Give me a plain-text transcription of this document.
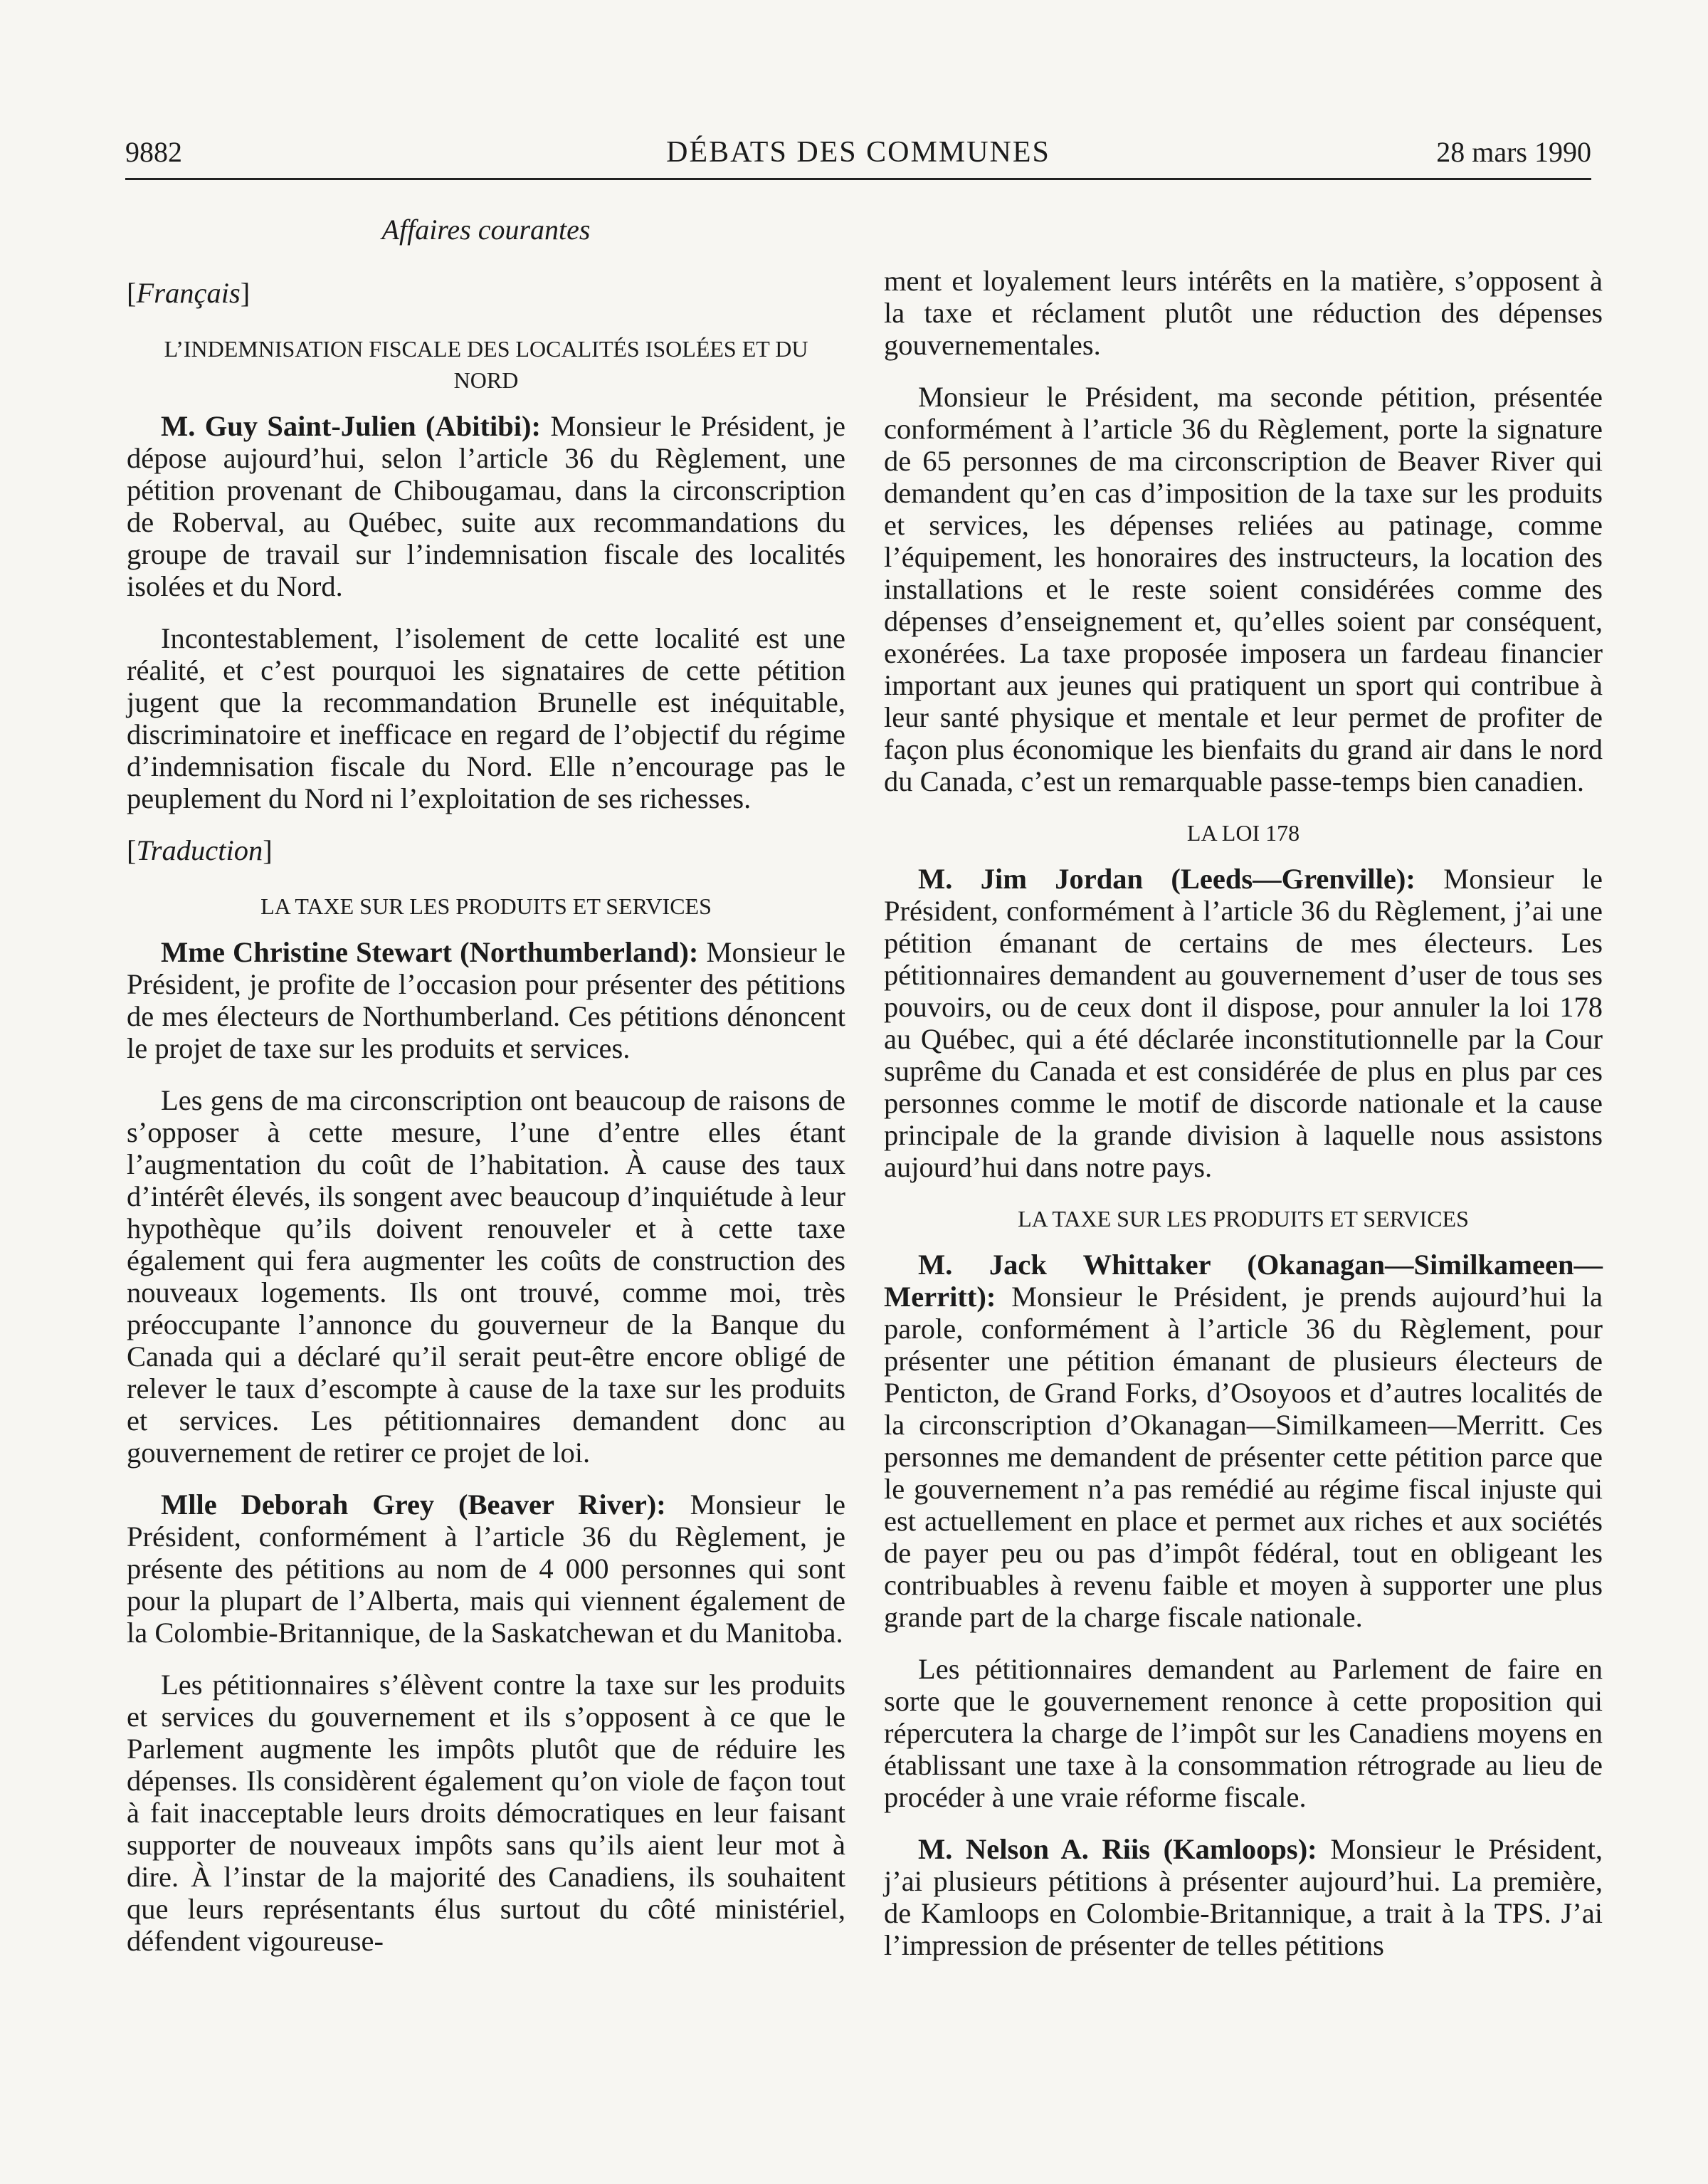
9882	DÉBATS DES COMMUNES	28 mars 1990
Affaires courantes
[Français]
L’INDEMNISATION FISCALE DES LOCALITÉS ISOLÉES ET DU NORD

M. Guy Saint-Julien (Abitibi): Monsieur le Président, je dépose aujourd’hui, selon l’article 36 du Règlement, une pétition provenant de Chibougamau, dans la circonscription de Roberval, au Québec, suite aux recommandations du groupe de travail sur l’indemnisation fiscale des localités isolées et du Nord.

Incontestablement, l’isolement de cette localité est une réalité, et c’est pourquoi les signataires de cette pétition jugent que la recommandation Brunelle est inéquitable, discriminatoire et inefficace en regard de l’objectif du régime d’indemnisation fiscale du Nord. Elle n’encourage pas le peuplement du Nord ni l’exploitation de ses richesses.

[Traduction]
LA TAXE SUR LES PRODUITS ET SERVICES

Mme Christine Stewart (Northumberland): Monsieur le Président, je profite de l’occasion pour présenter des pétitions de mes électeurs de Northumberland. Ces pétitions dénoncent le projet de taxe sur les produits et services.

Les gens de ma circonscription ont beaucoup de raisons de s’opposer à cette mesure, l’une d’entre elles étant l’augmentation du coût de l’habitation. À cause des taux d’intérêt élevés, ils songent avec beaucoup d’inquiétude à leur hypothèque qu’ils doivent renouveler et à cette taxe également qui fera augmenter les coûts de construction des nouveaux logements. Ils ont trouvé, comme moi, très préoccupante l’annonce du gouverneur de la Banque du Canada qui a déclaré qu’il serait peut-être encore obligé de relever le taux d’escompte à cause de la taxe sur les produits et services. Les pétitionnaires demandent donc au gouvernement de retirer ce projet de loi.

Mlle Deborah Grey (Beaver River): Monsieur le Président, conformément à l’article 36 du Règlement, je présente des pétitions au nom de 4 000 personnes qui sont pour la plupart de l’Alberta, mais qui viennent également de la Colombie-Britannique, de la Saskatchewan et du Manitoba.

Les pétitionnaires s’élèvent contre la taxe sur les produits et services du gouvernement et ils s’opposent à ce que le Parlement augmente les impôts plutôt que de réduire les dépenses. Ils considèrent également qu’on viole de façon tout à fait inacceptable leurs droits démocratiques en leur faisant supporter de nouveaux impôts sans qu’ils aient leur mot à dire. À l’instar de la majorité des Canadiens, ils souhaitent que leurs représentants élus surtout du côté ministériel, défendent vigoureuse-

ment et loyalement leurs intérêts en la matière, s’opposent à la taxe et réclament plutôt une réduction des dépenses gouvernementales.

Monsieur le Président, ma seconde pétition, présentée conformément à l’article 36 du Règlement, porte la signature de 65 personnes de ma circonscription de Beaver River qui demandent qu’en cas d’imposition de la taxe sur les produits et services, les dépenses reliées au patinage, comme l’équipement, les honoraires des instructeurs, la location des installations et le reste soient considérées comme des dépenses d’enseignement et, qu’elles soient par conséquent, exonérées. La taxe proposée imposera un fardeau financier important aux jeunes qui pratiquent un sport qui contribue à leur santé physique et mentale et leur permet de profiter de façon plus économique les bienfaits du grand air dans le nord du Canada, c’est un remarquable passe-temps bien canadien.

LA LOI 178

M. Jim Jordan (Leeds—Grenville): Monsieur le Président, conformément à l’article 36 du Règlement, j’ai une pétition émanant de certains de mes électeurs. Les pétitionnaires demandent au gouvernement d’user de tous ses pouvoirs, ou de ceux dont il dispose, pour annuler la loi 178 au Québec, qui a été déclarée inconstitutionnelle par la Cour suprême du Canada et est considérée de plus en plus par ces personnes comme le motif de discorde nationale et la cause principale de la grande division à laquelle nous assistons aujourd’hui dans notre pays.

LA TAXE SUR LES PRODUITS ET SERVICES

M. Jack Whittaker (Okanagan—Similkameen—Merritt): Monsieur le Président, je prends aujourd’hui la parole, conformément à l’article 36 du Règlement, pour présenter une pétition émanant de plusieurs électeurs de Penticton, de Grand Forks, d’Osoyoos et d’autres localités de la circonscription d’Okanagan—Similkameen—Merritt. Ces personnes me demandent de présenter cette pétition parce que le gouvernement n’a pas remédié au régime fiscal injuste qui est actuellement en place et permet aux riches et aux sociétés de payer peu ou pas d’impôt fédéral, tout en obligeant les contribuables à revenu faible et moyen à supporter une plus grande part de la charge fiscale nationale.

Les pétitionnaires demandent au Parlement de faire en sorte que le gouvernement renonce à cette proposition qui répercutera la charge de l’impôt sur les Canadiens moyens en établissant une taxe à la consommation rétrograde au lieu de procéder à une vraie réforme fiscale.

M. Nelson A. Riis (Kamloops): Monsieur le Président, j’ai plusieurs pétitions à présenter aujourd’hui. La première, de Kamloops en Colombie-Britannique, a trait à la TPS. J’ai l’impression de présenter de telles pétitions
